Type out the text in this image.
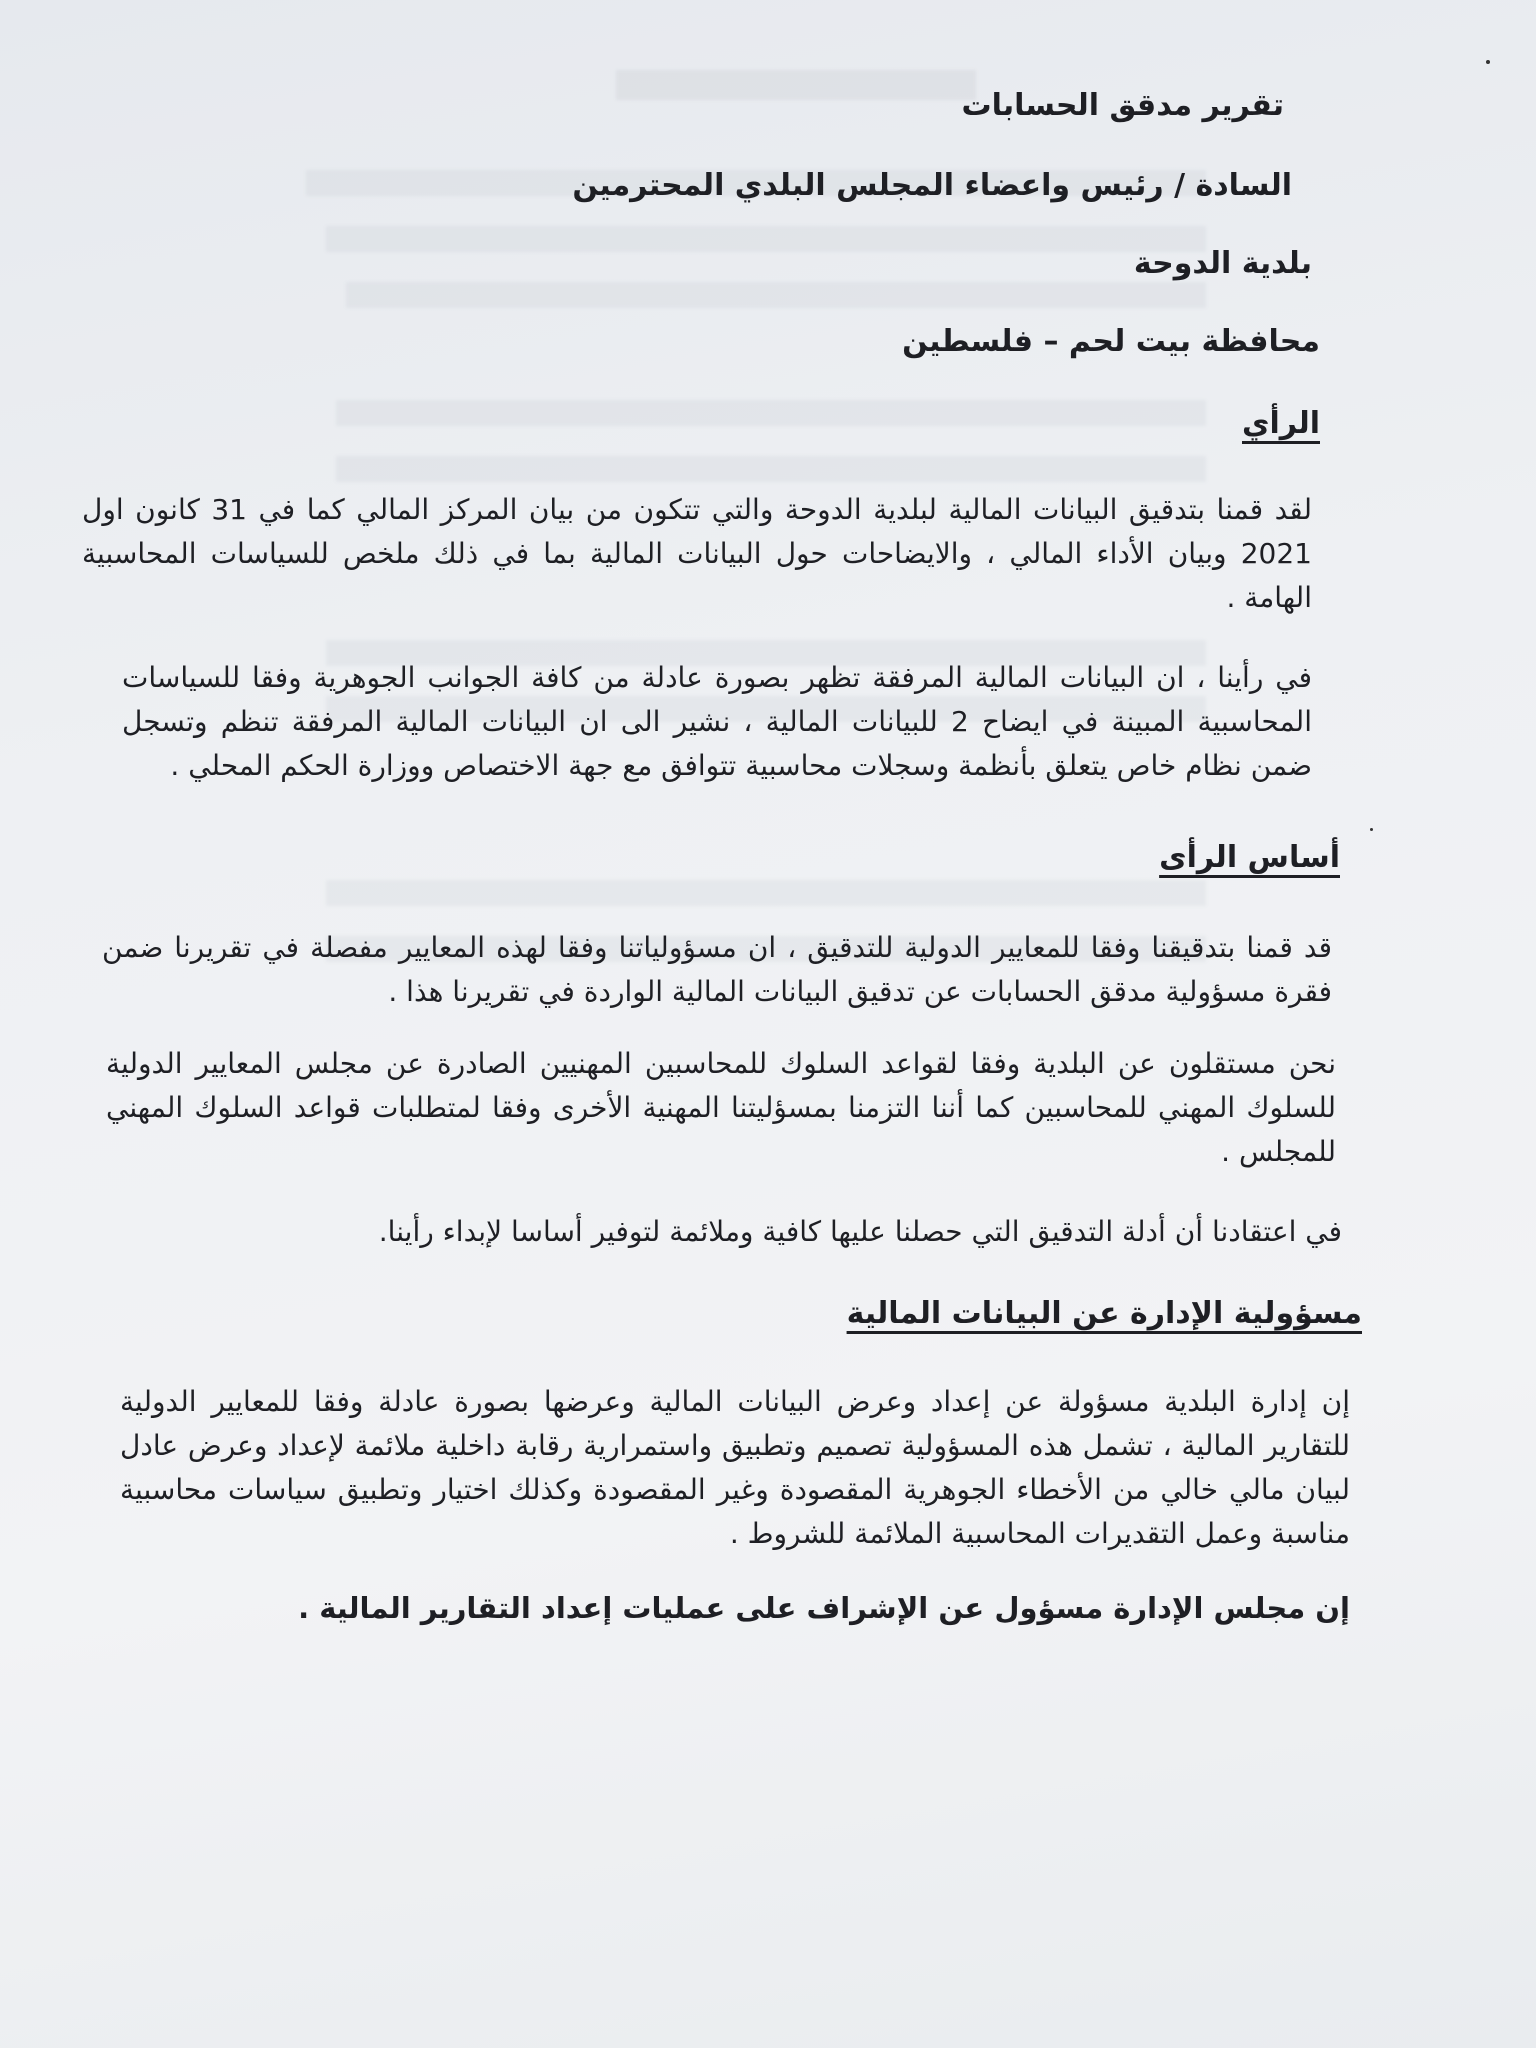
تقرير مدقق الحسابات

السادة / رئيس واعضاء المجلس البلدي المحترمين

بلدية الدوحة

محافظة بيت لحم – فلسطين

الرأي

لقد قمنا بتدقيق البيانات المالية لبلدية الدوحة والتي تتكون من بيان المركز المالي كما في 31 كانون اول 2021 وبيان الأداء المالي ، والايضاحات حول البيانات المالية بما في ذلك ملخص للسياسات المحاسبية الهامة .

في رأينا ، ان البيانات المالية المرفقة تظهر بصورة عادلة من كافة الجوانب الجوهرية وفقا للسياسات المحاسبية المبينة في ايضاح 2 للبيانات المالية ، نشير الى ان البيانات المالية المرفقة تنظم وتسجل ضمن نظام خاص يتعلق بأنظمة وسجلات محاسبية تتوافق مع جهة الاختصاص ووزارة الحكم المحلي .

أساس الرأى

قد قمنا بتدقيقنا وفقا للمعايير الدولية للتدقيق ، ان مسؤولياتنا وفقا لهذه المعايير مفصلة في تقريرنا ضمن فقرة مسؤولية مدقق الحسابات عن تدقيق البيانات المالية الواردة في تقريرنا هذا .

نحن مستقلون عن البلدية وفقا لقواعد السلوك للمحاسبين المهنيين الصادرة عن مجلس المعايير الدولية للسلوك المهني للمحاسبين كما أننا التزمنا بمسؤليتنا المهنية الأخرى وفقا لمتطلبات قواعد السلوك المهني للمجلس .

في اعتقادنا أن أدلة التدقيق التي حصلنا عليها كافية وملائمة لتوفير أساسا لإبداء رأينا.

مسؤولية الإدارة عن البيانات المالية

إن إدارة البلدية مسؤولة عن إعداد وعرض البيانات المالية وعرضها بصورة عادلة وفقا للمعايير الدولية للتقارير المالية ، تشمل هذه المسؤولية تصميم وتطبيق واستمرارية رقابة داخلية ملائمة لإعداد وعرض عادل لبيان مالي خالي من الأخطاء الجوهرية المقصودة وغير المقصودة وكذلك اختيار وتطبيق سياسات محاسبية مناسبة وعمل التقديرات المحاسبية الملائمة للشروط .

إن مجلس الإدارة مسؤول عن الإشراف على عمليات إعداد التقارير المالية .
